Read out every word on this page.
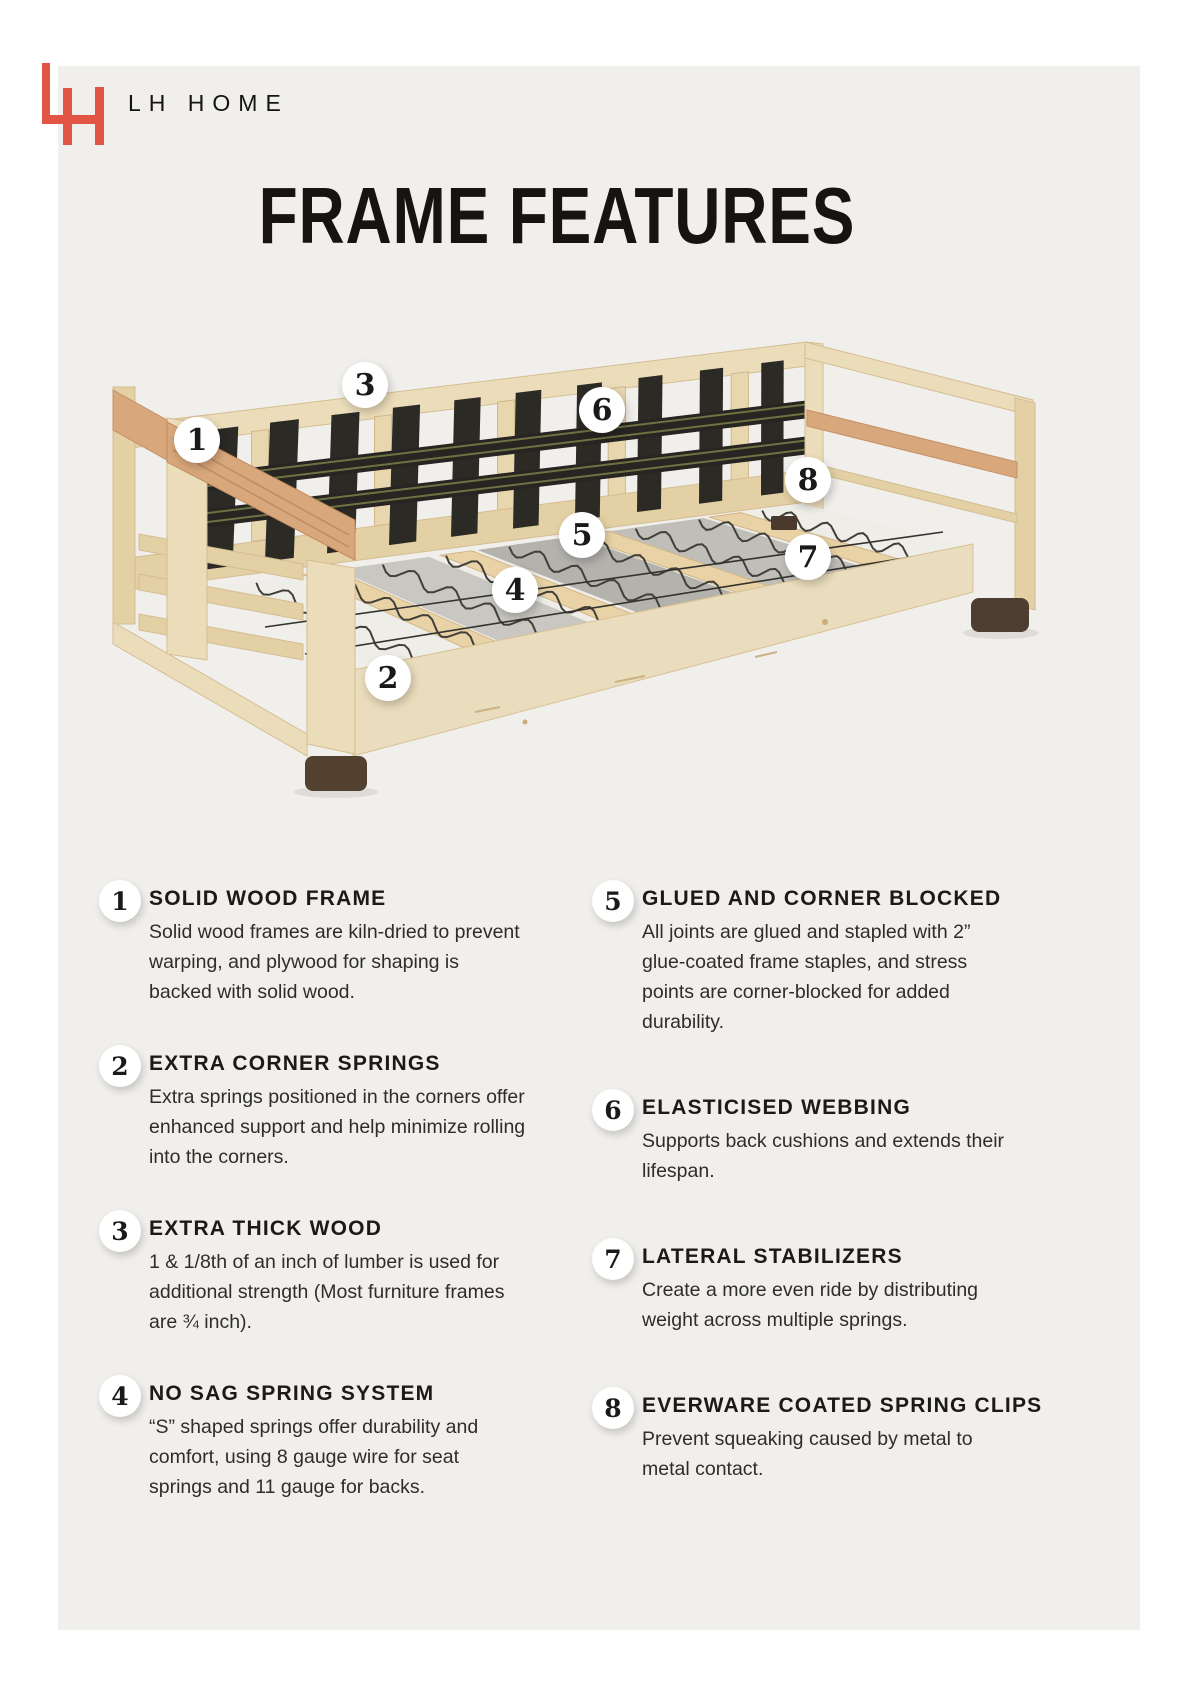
LH HOME
FRAME FEATURES
1
2
3
4
5
6
7
8
1 SOLID WOOD FRAME

Solid wood frames are kiln-dried to prevent warping, and plywood for shaping is backed with solid wood.

2 EXTRA CORNER SPRINGS

Extra springs positioned in the corners offer enhanced support and help minimize rolling into the corners.

3 EXTRA THICK WOOD

1 & 1/8th of an inch of lumber is used for additional strength (Most furniture frames are ¾ inch).

4 NO SAG SPRING SYSTEM

“S” shaped springs offer durability and comfort, using 8 gauge wire for seat springs and 11 gauge for backs.

5 GLUED AND CORNER BLOCKED

All joints are glued and stapled with 2” glue-coated frame staples, and stress points are corner-blocked for added durability.

6 ELASTICISED WEBBING

Supports back cushions and extends their lifespan.

7 LATERAL STABILIZERS

Create a more even ride by distributing weight across multiple springs.

8 EVERWARE COATED SPRING CLIPS

Prevent squeaking caused by metal to metal contact.
